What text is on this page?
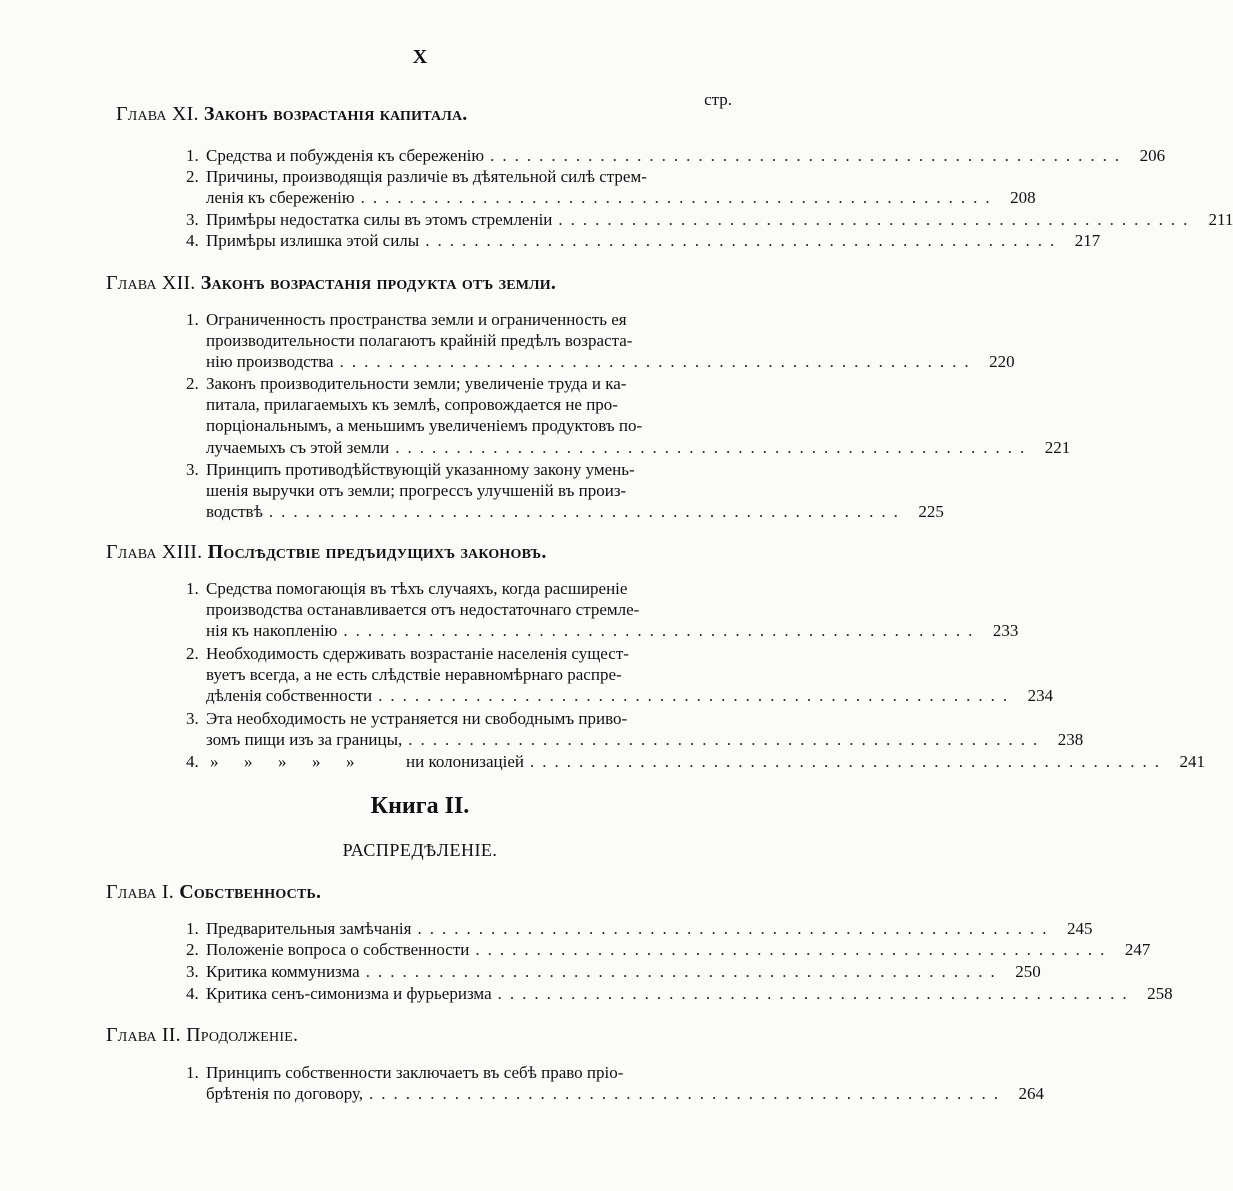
X
стр.
Глава XI. Законъ возрастанія капитала.
1. Средства и побужденія къ сбереженію .................................................... 206
2. Причины, производящія различіе въ дѣятельной силѣ стрем-
ленія къ сбереженію .................................................... 208
3. Примѣры недостатка силы въ этомъ стремленіи .................................................... 211
4. Примѣры излишка этой силы .................................................... 217
Глава XII. Законъ возрастанія продукта отъ земли.
1. Ограниченность пространства земли и ограниченность ея
производительности полагаютъ крайній предѣлъ возраста-
нію производства .................................................... 220
2. Законъ производительности земли; увеличеніе труда и ка-
питала, прилагаемыхъ къ землѣ, сопровождается не про-
порціональнымъ, а меньшимъ увеличеніемъ продуктовъ по-
лучаемыхъ съ этой земли .................................................... 221
3. Принципъ противодѣйствующій указанному закону умень-
шенія выручки отъ земли; прогрессъ улучшеній въ произ-
водствѣ .................................................... 225
Глава XIII. Послѣдствіе предъидущихъ законовъ.
1. Средства помогающія въ тѣхъ случаяхъ, когда расширеніе
производства останавливается отъ недостаточнаго стремле-
нія къ накопленію .................................................... 233
2. Необходимость сдерживать возрастаніе населенія сущест-
вуетъ всегда, а не есть слѣдствіе неравномѣрнаго распре-
дѣленія собственности .................................................... 234
3. Эта необходимость не устраняется ни свободнымъ приво-
зомъ пищи изъ за границы, .................................................... 238
4. »      »      »      »      »	ни колонизаціей .................................................... 241
Книга II.
РАСПРЕДѢЛЕНІЕ.
Глава I. Собственность.
1. Предварительныя замѣчанія .................................................... 245
2. Положеніе вопроса о собственности .................................................... 247
3. Критика коммунизма .................................................... 250
4. Критика сенъ-симонизма и фурьеризма .................................................... 258
Глава II. Продолженіе.
1. Принципъ собственности заключаетъ въ себѣ право пріо-
брѣтенія по договору, .................................................... 264
